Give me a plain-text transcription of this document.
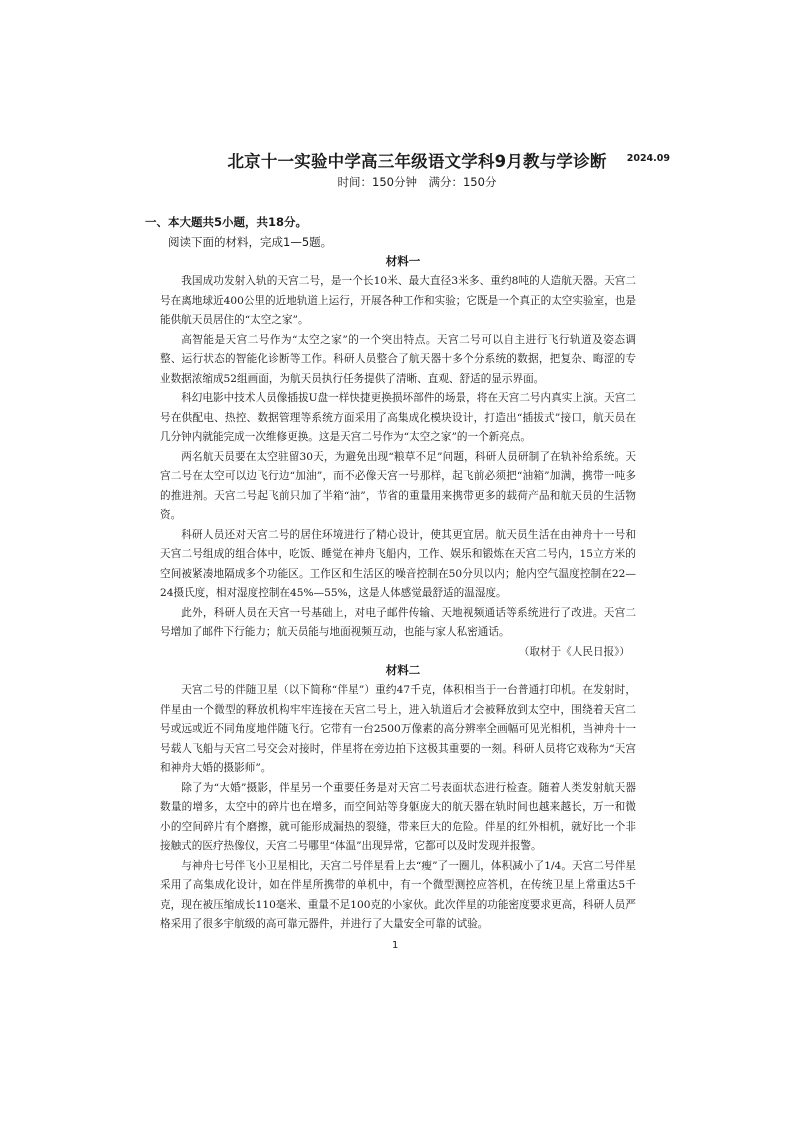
北京十一实验中学高三年级语文学科9月教与学诊断 2024.09
时间：150分钟　满分：150分
一、本大题共5小题，共18分。
阅读下面的材料，完成1—5题。
材料一

我国成功发射入轨的天宫二号，是一个长10米、最大直径3米多、重约8吨的人造航天器。天宫二号在离地球近400公里的近地轨道上运行，开展各种工作和实验；它既是一个真正的太空实验室，也是能供航天员居住的“太空之家”。

高智能是天宫二号作为“太空之家”的一个突出特点。天宫二号可以自主进行飞行轨道及姿态调整、运行状态的智能化诊断等工作。科研人员整合了航天器十多个分系统的数据，把复杂、晦涩的专业数据浓缩成52组画面，为航天员执行任务提供了清晰、直观、舒适的显示界面。

科幻电影中技术人员像插拔U盘一样快捷更换损坏部件的场景，将在天宫二号内真实上演。天宫二号在供配电、热控、数据管理等系统方面采用了高集成化模块设计，打造出“插拔式”接口，航天员在几分钟内就能完成一次维修更换。这是天宫二号作为“太空之家”的一个新亮点。

两名航天员要在太空驻留30天，为避免出现“粮草不足”问题，科研人员研制了在轨补给系统。天宫二号在太空可以边飞行边“加油”，而不必像天宫一号那样，起飞前必须把“油箱”加满，携带一吨多的推进剂。天宫二号起飞前只加了半箱“油”，节省的重量用来携带更多的载荷产品和航天员的生活物资。

科研人员还对天宫二号的居住环境进行了精心设计，使其更宜居。航天员生活在由神舟十一号和天宫二号组成的组合体中，吃饭、睡觉在神舟飞船内，工作、娱乐和锻炼在天宫二号内，15立方米的空间被紧凑地隔成多个功能区。工作区和生活区的噪音控制在50分贝以内；舱内空气温度控制在22—24摄氏度，相对湿度控制在45%—55%，这是人体感觉最舒适的温湿度。

此外，科研人员在天宫一号基础上，对电子邮件传输、天地视频通话等系统进行了改进。天宫二号增加了邮件下行能力；航天员能与地面视频互动，也能与家人私密通话。

（取材于《人民日报》）
材料二

天宫二号的伴随卫星（以下简称“伴星”）重约47千克，体积相当于一台普通打印机。在发射时，伴星由一个微型的释放机构牢牢连接在天宫二号上，进入轨道后才会被释放到太空中，围绕着天宫二号或远或近不同角度地伴随飞行。它带有一台2500万像素的高分辨率全画幅可见光相机，当神舟十一号载人飞船与天宫二号交会对接时，伴星将在旁边拍下这极其重要的一刻。科研人员将它戏称为“天宫和神舟大婚的摄影师”。

除了为“大婚”摄影，伴星另一个重要任务是对天宫二号表面状态进行检查。随着人类发射航天器数量的增多，太空中的碎片也在增多，而空间站等身躯庞大的航天器在轨时间也越来越长，万一和微小的空间碎片有个磨擦，就可能形成漏热的裂缝，带来巨大的危险。伴星的红外相机，就好比一个非接触式的医疗热像仪，天宫二号哪里“体温”出现异常，它都可以及时发现并报警。

与神舟七号伴飞小卫星相比，天宫二号伴星看上去“瘦”了一圈儿，体积减小了1/4。天宫二号伴星采用了高集成化设计，如在伴星所携带的单机中，有一个微型测控应答机，在传统卫星上常重达5千克，现在被压缩成长110毫米、重量不足100克的小家伙。此次伴星的功能密度要求更高，科研人员严格采用了很多宇航级的高可靠元器件，并进行了大量安全可靠的试验。

1
